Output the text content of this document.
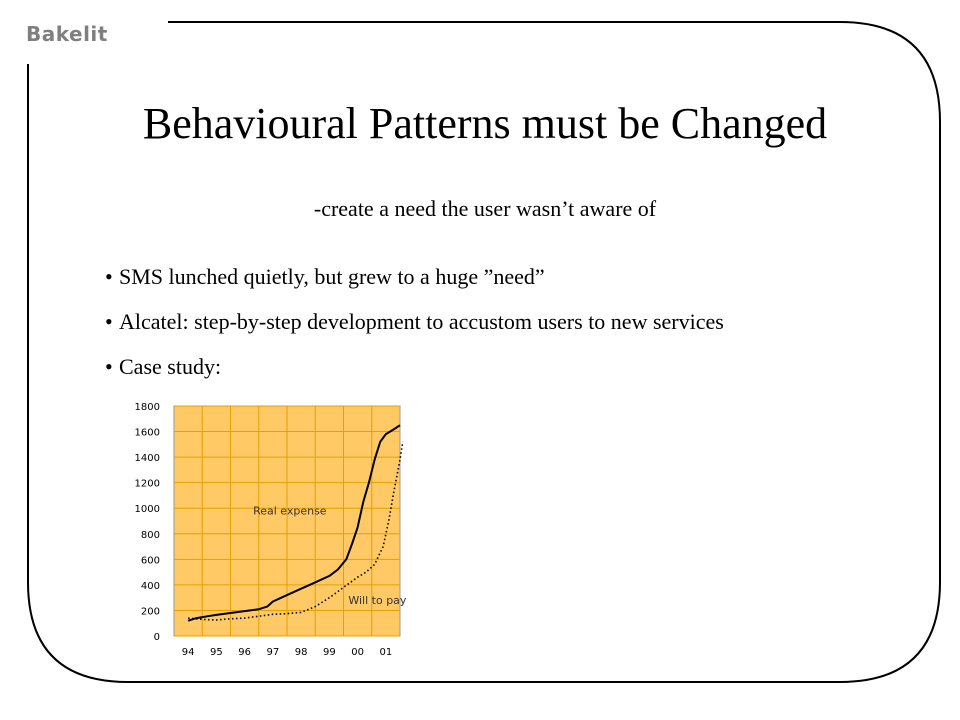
Bakelit
Behavioural Patterns must be Changed
-create a need the user wasn’t aware of
• SMS lunched quietly, but grew to a huge ”need”
• Alcatel: step-by-step development to accustom users to new services
• Case study:
0
200
400
600
800
1000
1200
1400
1600
1800
94 95 96 97 98 99 00 01
Real expense
Will to pay
